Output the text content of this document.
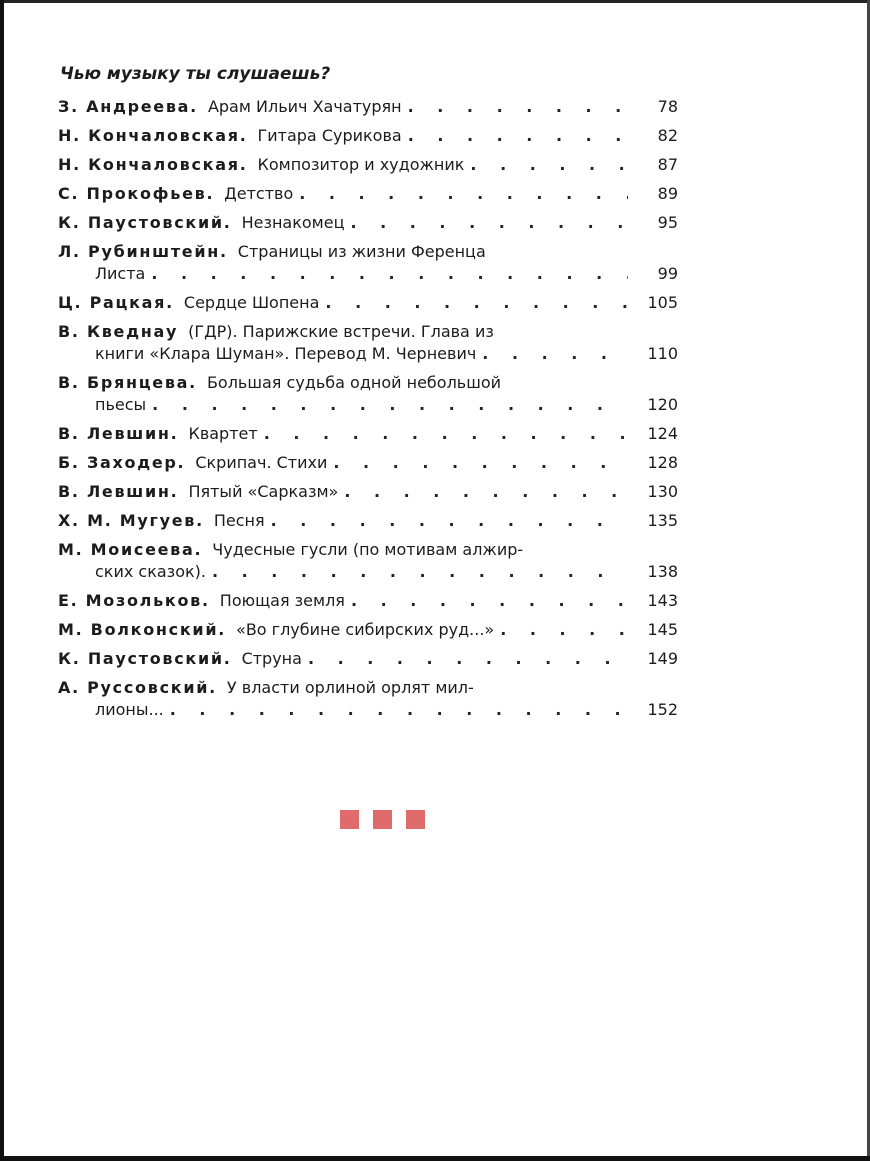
Чью музыку ты слушаешь?
З. Андреева. Арам Ильич Хачатурян . . .	78
Н. Кончаловская. Гитара Сурикова . . .	82
Н. Кончаловская. Композитор и художник . . .	87
С. Прокофьев. Детство . . .	89
К. Паустовский. Незнакомец . . .	95
Л. Рубинштейн. Страницы из жизни Ференца
Листа . . .	99
Ц. Рацкая. Сердце Шопена . . .	105
В. Кведнау (ГДР). Парижские встречи. Глава из
книги «Клара Шуман». Перевод М. Черневич . . .	110
В. Брянцева. Большая судьба одной небольшой
пьесы . . .	120
В. Левшин. Квартет . . .	124
Б. Заходер. Скрипач. Стихи . . .	128
В. Левшин. Пятый «Сарказм» . . .	130
Х. М. Мугуев. Песня . . .	135
М. Моисеева. Чудесные гусли (по мотивам алжир-
ских сказок). . . .	138
Е. Мозольков. Поющая земля . . .	143
М. Волконский. «Во глубине сибирских руд...» . . .	145
К. Паустовский. Струна . . .	149
А. Руссовский. У власти орлиной орлят мил-
лионы... . . .	152
